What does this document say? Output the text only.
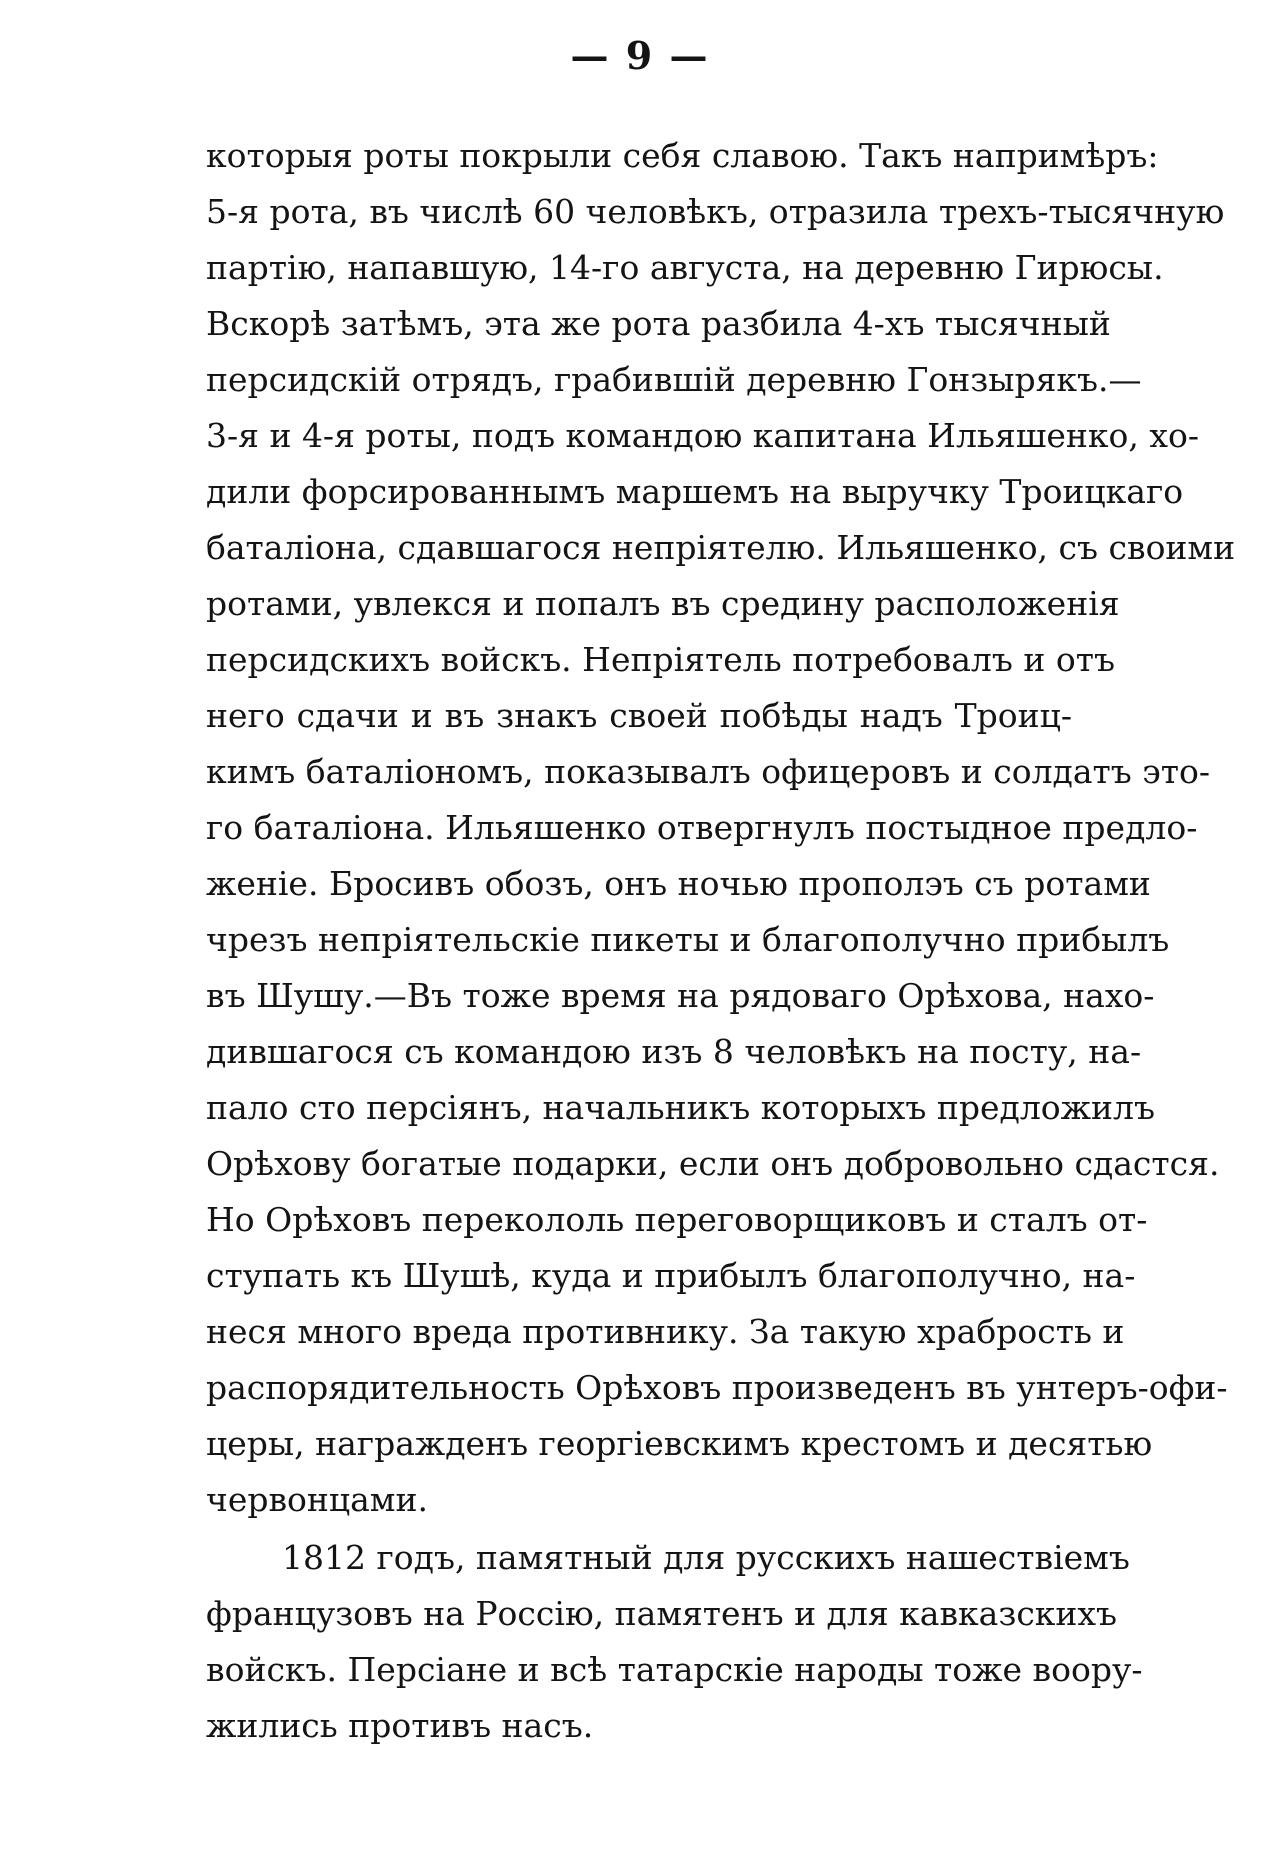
— 9 —
которыя роты покрыли себя славою. Такъ напримѣръ:
5-я рота, въ числѣ 60 человѣкъ, отразила трехъ-тысячную
партію, напавшую, 14-го августа, на деревню Гирюсы.
Вскорѣ затѣмъ, эта же рота разбила 4-хъ тысячный
персидскій отрядъ, грабившій деревню Гонзырякъ.—
3-я и 4-я роты, подъ командою капитана Ильяшенко, хо-
дили форсированнымъ маршемъ на выручку Троицкаго
баталіона, сдавшагося непріятелю. Ильяшенко, съ своими
ротами, увлекся и попалъ въ средину расположенія
персидскихъ войскъ. Непріятель потребовалъ и отъ
него сдачи и въ знакъ своей побѣды надъ Троиц-
кимъ баталіономъ, показывалъ офицеровъ и солдатъ это-
го баталіона. Ильяшенко отвергнулъ постыдное предло-
женіе. Бросивъ обозъ, онъ ночью прополэъ съ ротами
чрезъ непріятельскіе пикеты и благополучно прибылъ
въ Шушу.—Въ тоже время на рядоваго Орѣхова, нахо-
дившагося съ командою изъ 8 человѣкъ на посту, на-
пало сто персіянъ, начальникъ которыхъ предложилъ
Орѣхову богатые подарки, если онъ добровольно сдастся.
Но Орѣховъ перекололь переговорщиковъ и сталъ от-
ступать къ Шушѣ, куда и прибылъ благополучно, на-
неся много вреда противнику. За такую храбрость и
распорядительность Орѣховъ произведенъ въ унтеръ-офи-
церы, награжденъ георгіевскимъ крестомъ и десятью
червонцами.
1812 годъ, памятный для русскихъ нашествіемъ
французовъ на Россію, памятенъ и для кавказскихъ
войскъ. Персіане и всѣ татарскіе народы тоже воору-
жились противъ насъ.
